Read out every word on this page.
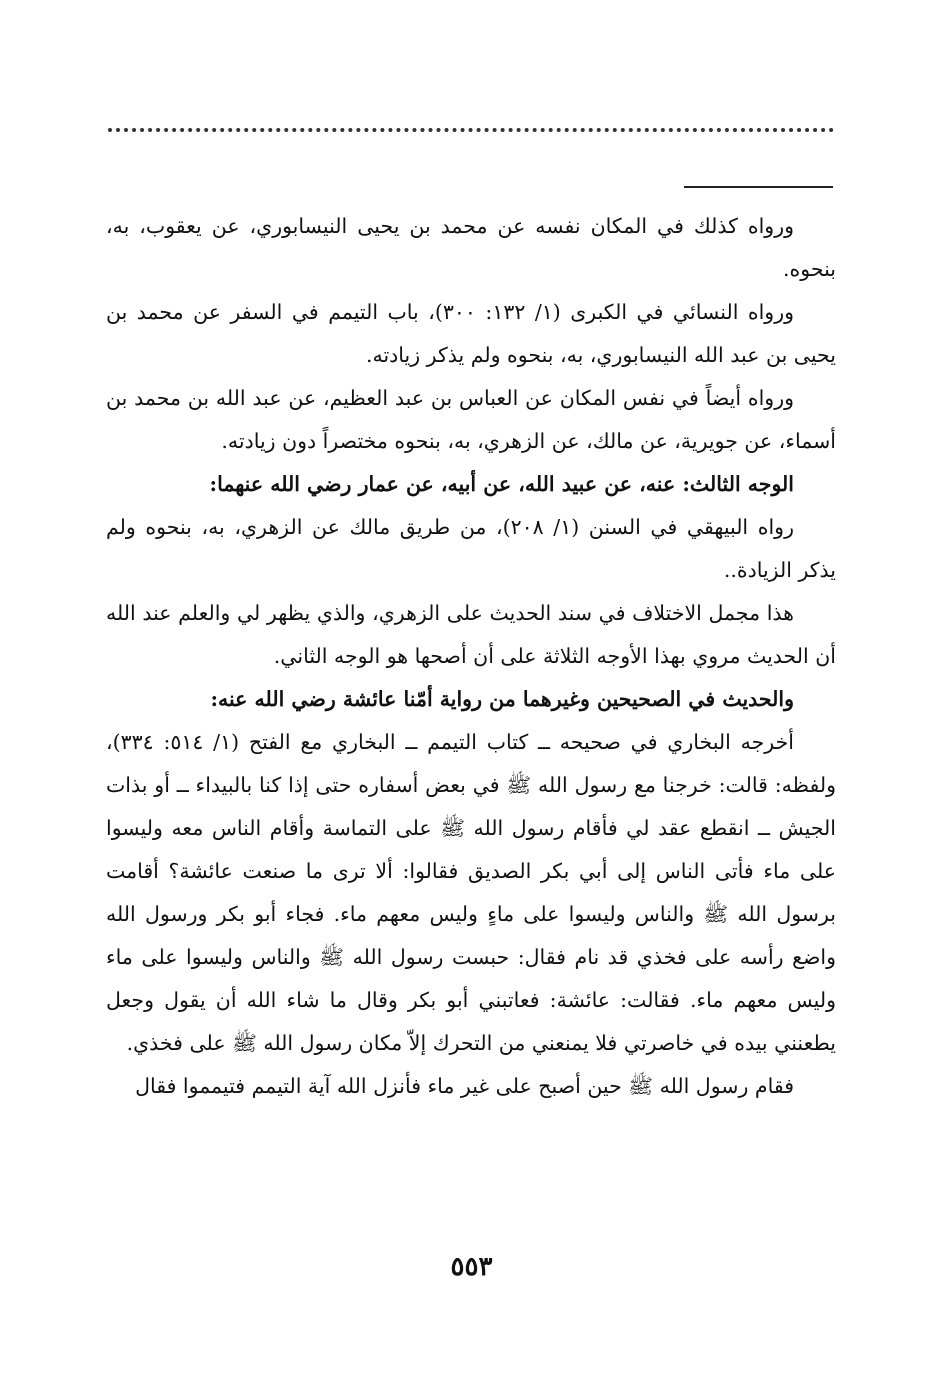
ورواه كذلك في المكان نفسه عن محمد بن يحيى النيسابوري، عن يعقوب، به، بنحوه.

ورواه النسائي في الكبرى (١/ ١٣٢: ٣٠٠)، باب التيمم في السفر عن محمد بن يحيى بن عبد الله النيسابوري، به، بنحوه ولم يذكر زيادته.

ورواه أيضاً في نفس المكان عن العباس بن عبد العظيم، عن عبد الله بن محمد بن أسماء، عن جويرية، عن مالك، عن الزهري، به، بنحوه مختصراً دون زيادته.

الوجه الثالث: عنه، عن عبيد الله، عن أبيه، عن عمار رضي الله عنهما:

رواه البيهقي في السنن (١/ ٢٠٨)، من طريق مالك عن الزهري، به، بنحوه ولم يذكر الزيادة..

هذا مجمل الاختلاف في سند الحديث على الزهري، والذي يظهر لي والعلم عند الله أن الحديث مروي بهذا الأوجه الثلاثة على أن أصحها هو الوجه الثاني.

والحديث في الصحيحين وغيرهما من رواية أمّنا عائشة رضي الله عنه:

أخرجه البخاري في صحيحه ــ كتاب التيمم ــ البخاري مع الفتح (١/ ٥١٤: ٣٣٤)، ولفظه: قالت: خرجنا مع رسول الله ﷺ في بعض أسفاره حتى إذا كنا بالبيداء ــ أو بذات الجيش ــ انقطع عقد لي فأقام رسول الله ﷺ على التماسة وأقام الناس معه وليسوا على ماء فأتى الناس إلى أبي بكر الصديق فقالوا: ألا ترى ما صنعت عائشة؟ أقامت برسول الله ﷺ والناس وليسوا على ماءٍ وليس معهم ماء. فجاء أبو بكر ورسول الله واضع رأسه على فخذي قد نام فقال: حبست رسول الله ﷺ والناس وليسوا على ماء وليس معهم ماء. فقالت: عائشة: فعاتبني أبو بكر وقال ما شاء الله أن يقول وجعل يطعنني بيده في خاصرتي فلا يمنعني من التحرك إلاّ مكان رسول الله ﷺ على فخذي.

فقام رسول الله ﷺ حين أصبح على غير ماء فأنزل الله آية التيمم فتيمموا فقال

٥٥٣
